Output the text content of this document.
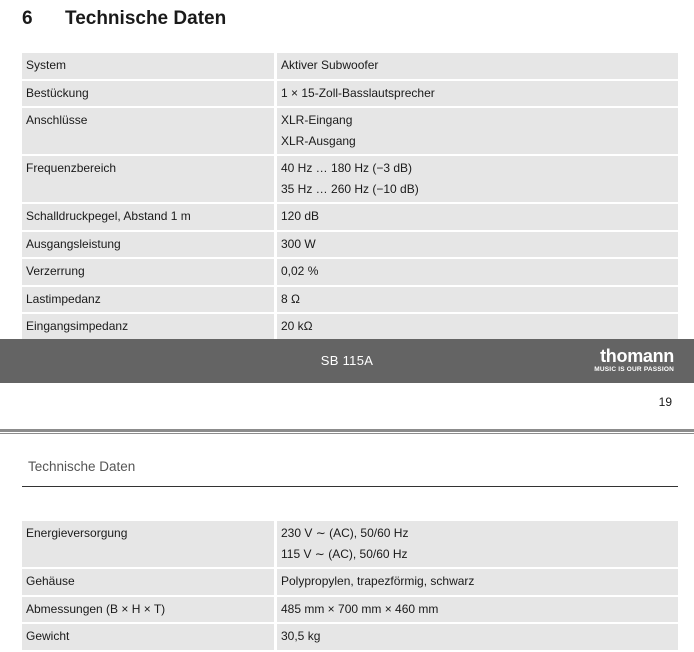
6	Technische Daten
System	Aktiver Subwoofer

Bestückung	1 × 15-Zoll-Basslautsprecher

Anschlüsse	XLR-Eingang
XLR-Ausgang

Frequenzbereich	40 Hz … 180 Hz (−3 dB)
35 Hz … 260 Hz (−10 dB)

Schalldruckpegel, Abstand 1 m	120 dB

Ausgangsleistung	300 W

Verzerrung	0,02 %

Lastimpedanz	8 Ω

Eingangsimpedanz	20 kΩ
SB 115A	thomann
MUSIC IS OUR PASSION
19
Technische Daten
Energieversorgung	230 V ∼ (AC), 50/60 Hz
115 V ∼ (AC), 50/60 Hz

Gehäuse	Polypropylen, trapezförmig, schwarz

Abmessungen (B × H × T)	485 mm × 700 mm × 460 mm

Gewicht	30,5 kg
